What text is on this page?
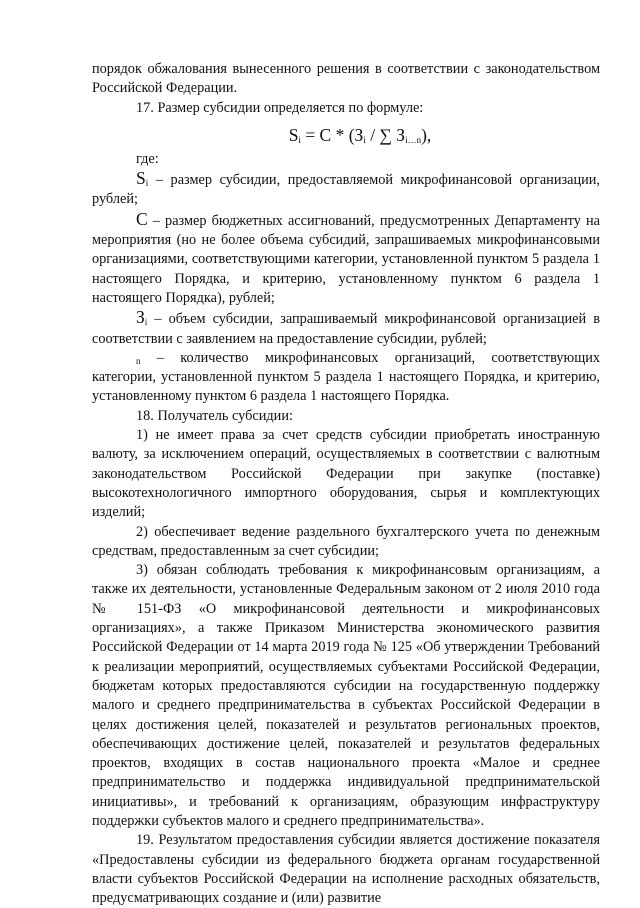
порядок обжалования вынесенного решения в соответствии с законодательством Российской Федерации.

17. Размер субсидии определяется по формуле:

$S_i = С * (З_i$ / ∑ $З_{i\dots n}$),

где:

$S_i$ – размер субсидии, предоставляемой микрофинансовой организации, рублей;

С – размер бюджетных ассигнований, предусмотренных Департаменту на мероприятия (но не более объема субсидий, запрашиваемых микрофинансовыми организациями, соответствующими категории, установленной пунктом 5 раздела 1 настоящего Порядка, и критерию, установленному пунктом 6 раздела 1 настоящего Порядка), рублей;

$З_i$ – объем субсидии, запрашиваемый микрофинансовой организацией в соответствии с заявлением на предоставление субсидии, рублей;

$_n$ – количество микрофинансовых организаций, соответствующих категории, установленной пунктом 5 раздела 1 настоящего Порядка, и критерию, установленному пунктом 6 раздела 1 настоящего Порядка.

18. Получатель субсидии:

1) не имеет права за счет средств субсидии приобретать иностранную валюту, за исключением операций, осуществляемых в соответствии с валютным законодательством Российской Федерации при закупке (поставке) высокотехнологичного импортного оборудования, сырья и комплектующих изделий;

2) обеспечивает ведение раздельного бухгалтерского учета по денежным средствам, предоставленным за счет субсидии;

3) обязан соблюдать требования к микрофинансовым организациям, а также их деятельности, установленные Федеральным законом от 2 июля 2010 года № 151-ФЗ «О микрофинансовой деятельности и микрофинансовых организациях», а также Приказом Министерства экономического развития Российской Федерации от 14 марта 2019 года № 125 «Об утверждении Требований к реализации мероприятий, осуществляемых субъектами Российской Федерации, бюджетам которых предоставляются субсидии на государственную поддержку малого и среднего предпринимательства в субъектах Российской Федерации в целях достижения целей, показателей и результатов региональных проектов, обеспечивающих достижение целей, показателей и результатов федеральных проектов, входящих в состав национального проекта «Малое и среднее предпринимательство и поддержка индивидуальной предпринимательской инициативы», и требований к организациям, образующим инфраструктуру поддержки субъектов малого и среднего предпринимательства».

19. Результатом предоставления субсидии является достижение показателя «Предоставлены субсидии из федерального бюджета органам государственной власти субъектов Российской Федерации на исполнение расходных обязательств, предусматривающих создание и (или) развитие
